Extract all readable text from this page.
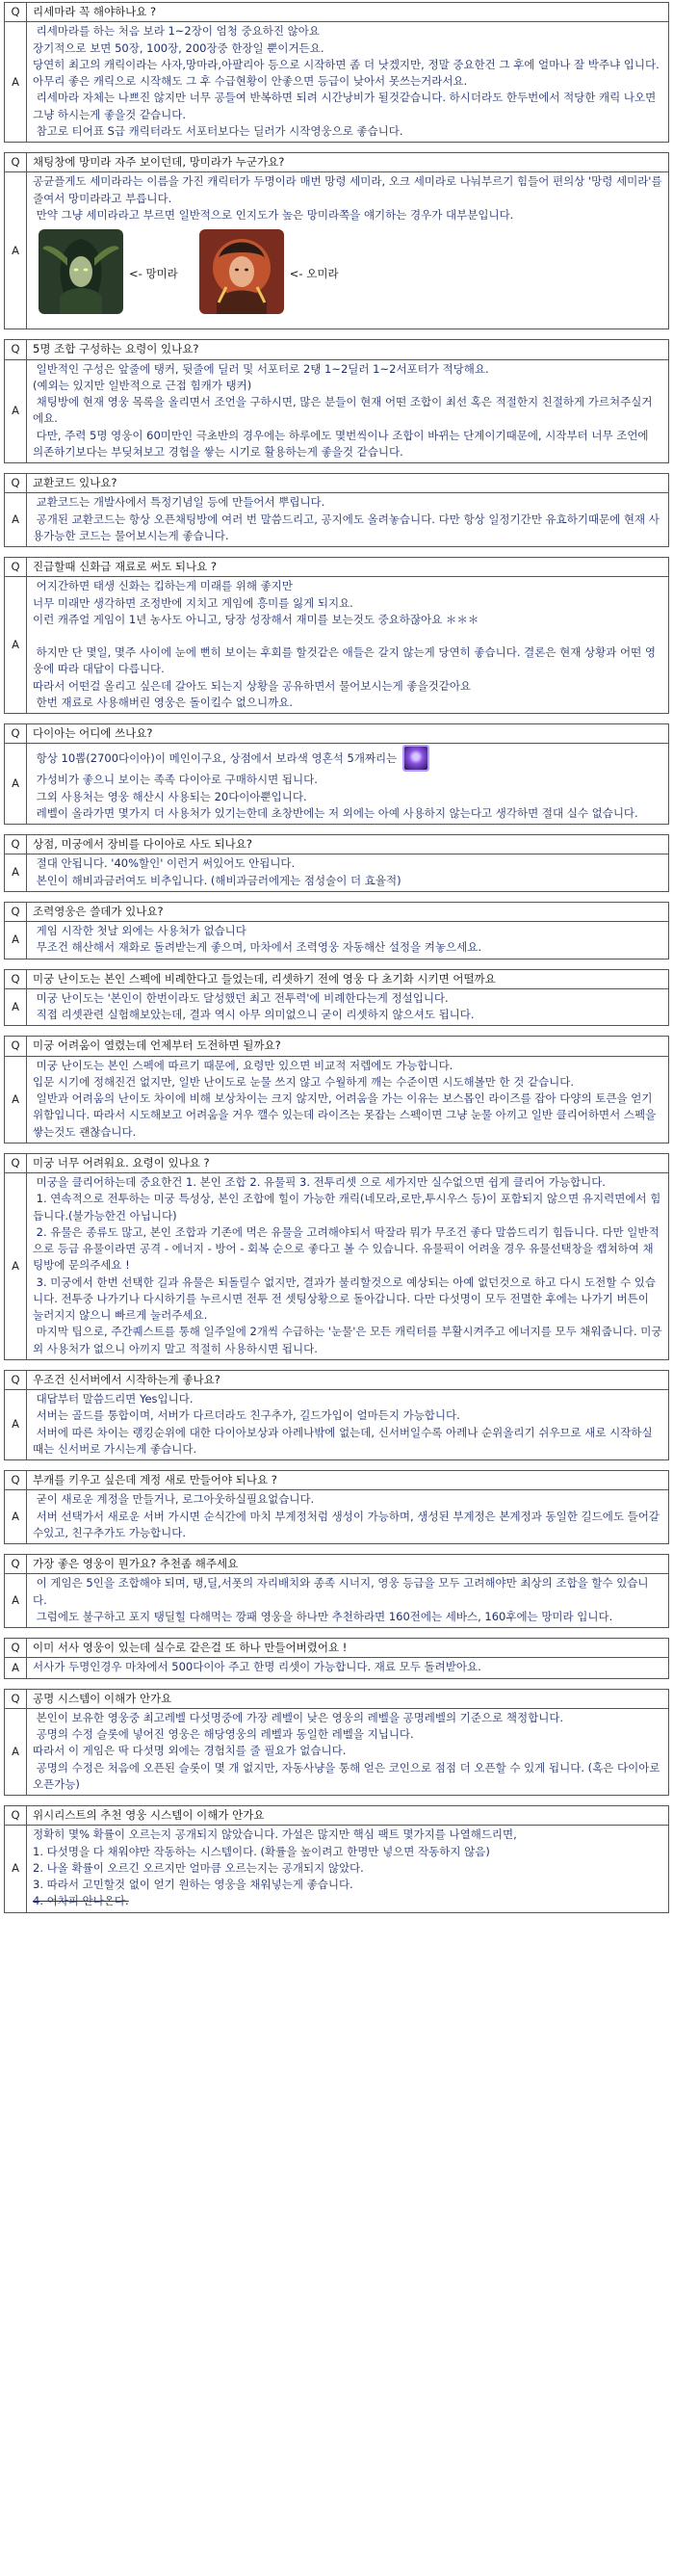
Q	리세마라 꼭 해야하나요 ?
A
리세마라를 하는 처음 보라 1~2장이 엄청 중요하진 않아요
장기적으로 보면 50장, 100장, 200장중 한장일 뿐이거든요.
당연히 최고의 캐릭이라는 사자,망마라,아팔리아 등으로 시작하면 좀 더 낫겠지만, 정말 중요한건 그 후에 얼마나 잘 박주냐 입니다. 아무리 좋은 캐릭으로 시작해도 그 후 수급현황이 안좋으면 등급이 낮아서 못쓰는거라서요.
리세마라 자체는 나쁘진 않지만 너무 공들여 반복하면 되려 시간낭비가 될것같습니다. 하시더라도 한두번에서 적당한 캐릭 나오면 그냥 하시는게 좋을것 같습니다.
참고로 티어표 S급 캐릭터라도 서포터보다는 딜러가 시작영웅으로 좋습니다.
Q	채팅창에 망미라 자주 보이던데, 망미라가 누군가요?
A
공균플게도 세미라라는 이름을 가진 캐릭터가 두명이라 매번 망령 세미라, 오크 세미라로 나눠부르기 힘들어 편의상 '망령 세미라'를 줄여서 망미라라고 부릅니다.
만약 그냥 세미라라고 부르면 일반적으로 인지도가 높은 망미라쪽을 얘기하는 경우가 대부분입니다.
<- 망미라	<- 오미라
Q	5명 조합 구성하는 요령이 있나요?
A
일반적인 구성은 앞줄에 탱커, 뒷줄에 딜러 및 서포터로 2탱 1~2딜러 1~2서포터가 적당해요.
(예외는 있지만 일반적으로 근접 힘캐가 탱커)
채팅방에 현재 영웅 목록을 올리면서 조언을 구하시면, 많은 분들이 현재 어떤 조합이 최선 혹은 적절한지 친절하게 가르쳐주실거에요.
다만, 주력 5명 영웅이 60미만인 극초반의 경우에는 하루에도 몇번씩이나 조합이 바뀌는 단계이기때문에, 시작부터 너무 조언에 의존하기보다는 부딪쳐보고 경험을 쌓는 시기로 활용하는게 좋을것 같습니다.
Q	교환코드 있나요?
A
교환코드는 개발사에서 특정기념일 등에 만들어서 뿌립니다.
공개된 교환코드는 항상 오픈채팅방에 여러 번 말씀드리고, 공지에도 올려놓습니다. 다만 항상 일정기간만 유효하기때문에 현재 사용가능한 코드는 물어보시는게 좋습니다.
Q	진급할때 신화급 재료로 써도 되나요 ?
A
어지간하면 태생 신화는 킵하는게 미래를 위해 좋지만
너무 미래만 생각하면 조정반에 지치고 게임에 흥미를 잃게 되지요.
이런 캐쥬얼 게임이 1년 농사도 아니고, 당장 성장해서 재미를 보는것도 중요하잖아요 ＊＊＊
하지만 단 몇일, 몇주 사이에 눈에 뻔히 보이는 후회를 할것같은 애들은 갈지 않는게 당연히 좋습니다. 결론은 현재 상황과 어떤 영웅에 따라 대답이 다릅니다.
따라서 어떤걸 올리고 싶은데 갈아도 되는지 상황을 공유하면서 물어보시는게 좋을것같아요
한번 재료로 사용해버린 영웅은 돌이킬수 없으니까요.
Q	다이아는 어디에 쓰나요?
A
항상 10뽑(2700다이아)이 메인이구요, 상점에서 보라색 영혼석 5개짜리는
가성비가 좋으니 보이는 족족 다이아로 구매하시면 됩니다.
그외 사용처는 영웅 해산시 사용되는 20다이아뿐입니다.
레벨이 올라가면 몇가지 더 사용처가 있기는한데 초창반에는 저 외에는 아예 사용하지 않는다고 생각하면 절대 실수 없습니다.
Q	상점, 미궁에서 장비를 다이아로 사도 되나요?
A
절대 안됩니다. '40%할인' 이런거 써있어도 안됩니다.
본인이 해비과금러여도 비추입니다. (해비과금러에게는 점성술이 더 효율적)
Q	조력영웅은 쓸데가 있나요?
A
게임 시작한 첫날 외에는 사용처가 없습니다
무조건 해산해서 재화로 돌려받는게 좋으며, 마차에서 조력영웅 자동해산 설정을 켜놓으세요.
Q	미궁 난이도는 본인 스펙에 비례한다고 들었는데, 리셋하기 전에 영웅 다 초기화 시키면 어떨까요
A
미궁 난이도는 '본인이 한번이라도 달성했던 최고 전투력'에 비례한다는게 정설입니다.
직접 리셋관련 실험해보았는데, 결과 역시 아무 의미없으니 굳이 리셋하지 않으셔도 됩니다.
Q	미궁 어려움이 열렸는데 언제부터 도전하면 될까요?
A
미궁 난이도는 본인 스펙에 따르기 때문에, 요령만 있으면 비교적 저렙에도 가능합니다.
입문 시기에 정해진건 없지만, 일반 난이도로 눈물 쓰지 않고 수월하게 깨는 수준이면 시도해볼만 한 것 같습니다.
일반과 어려움의 난이도 차이에 비해 보상차이는 크지 않지만, 어려움을 가는 이유는 보스몹인 라이즈를 잡아 다양의 토큰을 얻기 위함입니다. 따라서 시도해보고 어려움을 거우 깰수 있는데 라이즈는 못잡는 스펙이면 그냥 눈물 아끼고 일반 클리어하면서 스펙을 쌓는것도 괜찮습니다.
Q	미궁 너무 어려워요. 요령이 있나요 ?
A
미궁을 클리어하는데 중요한건 1. 본인 조합 2. 유물픽 3. 전투리셋 으로 세가지만 실수없으면 쉽게 클리어 가능합니다.
1. 연속적으로 전투하는 미궁 특성상, 본인 조합에 힐이 가능한 캐릭(네모라,로만,투시우스 등)이 포함되지 않으면 유지력면에서 힘듭니다.(불가능한건 아닙니다)
2. 유물은 종류도 많고, 본인 조합과 기존에 먹은 유물을 고려해야되서 딱잘라 뭐가 무조건 좋다 말씀드리기 힘듭니다. 다만 일반적으로 등급 유물이라면 공격 - 에너지 - 방어 - 회복 순으로 좋다고 볼 수 있습니다. 유물픽이 어려울 경우 유물선택창을 캡쳐하여 채팅방에 문의주세요 !
3. 미궁에서 한번 선택한 길과 유물은 되돌릴수 없지만, 결과가 불리할것으로 예상되는 아예 없던것으로 하고 다시 도전할 수 있습니다. 전투중 나가기나 다시하기를 누르시면 전투 전 셋팅상황으로 돌아갑니다. 다만 다섯명이 모두 전멸한 후에는 나가기 버튼이 눌러지지 않으니 빠르게 눌러주세요.
마지막 팁으로, 주간퀘스트를 통해 일주일에 2개씩 수급하는 '눈물'은 모든 캐릭터를 부활시켜주고 에너지를 모두 채워줍니다. 미궁 외 사용처가 없으니 아끼지 말고 적절히 사용하시면 됩니다.
Q	우조건 신서버에서 시작하는게 좋나요?
A
대답부터 말씀드리면 Yes입니다.
서버는 골드를 통합이며, 서버가 다르더라도 친구추가, 길드가입이 얼마든지 가능합니다.
서버에 따른 차이는 랭킹순위에 대한 다이아보상과 아레나밖에 없는데, 신서버일수록 아레나 순위올리기 쉬우므로 새로 시작하실때는 신서버로 가시는게 좋습니다.
Q	부캐를 키우고 싶은데 계정 새로 만들어야 되나요 ?
A
굳이 새로운 계정을 만들거나, 로그아웃하실필요없습니다.
서버 선택가서 새로운 서버 가시면 순식간에 마치 부계정처럼 생성이 가능하며, 생성된 부계정은 본계정과 동일한 길드에도 들어갈수있고, 친구추가도 가능합니다.
Q	가장 좋은 영웅이 뭔가요? 추천좀 해주세요
A
이 게임은 5인을 조합해야 되며, 탱,딜,서폿의 자리배치와 종족 시너지, 영웅 등급을 모두 고려해야만 최상의 조합을 할수 있습니다.
그럼에도 불구하고 포지 탱딜힐 다해먹는 깡패 영웅을 하나만 추천하라면 160전에는 세바스, 160후에는 망미라 입니다.
Q	이미 서사 영웅이 있는데 실수로 같은걸 또 하나 만들어버렸어요 !
A	서사가 두명인경우 마차에서 500다이아 주고 한명 리셋이 가능합니다. 재료 모두 돌려받아요.
Q	공명 시스템이 이해가 안가요
A
본인이 보유한 영웅중 최고레벨 다섯명중에 가장 레벨이 낮은 영웅의 레벨을 공명레벨의 기준으로 책정합니다.
공명의 수정 슬롯에 넣어진 영웅은 해당영웅의 레벨과 동일한 레벨을 지닙니다.
따라서 이 게임은 딱 다섯명 외에는 경험치를 줄 필요가 없습니다.
공명의 수정은 처음에 오픈된 슬롯이 몇 개 없지만, 자동사냥을 통해 얻은 코인으로 점점 더 오픈할 수 있게 됩니다. (혹은 다이아로 오픈가능)
Q	위시리스트의 추천 영웅 시스템이 이해가 안가요
A
정확히 몇% 확률이 오르는지 공개되지 않았습니다. 가설은 많지만 핵심 팩트 몇가지를 나열해드리면,
1. 다섯명을 다 채워야만 작동하는 시스템이다. (확률을 높이려고 한명만 넣으면 작동하지 않음)
2. 나올 확률이 오르긴 오르지만 얼마큼 오르는지는 공개되지 않았다.
3. 따라서 고민할것 없이 얻기 원하는 영웅을 채워넣는게 좋습니다.
4. 어차피 안나온다.
